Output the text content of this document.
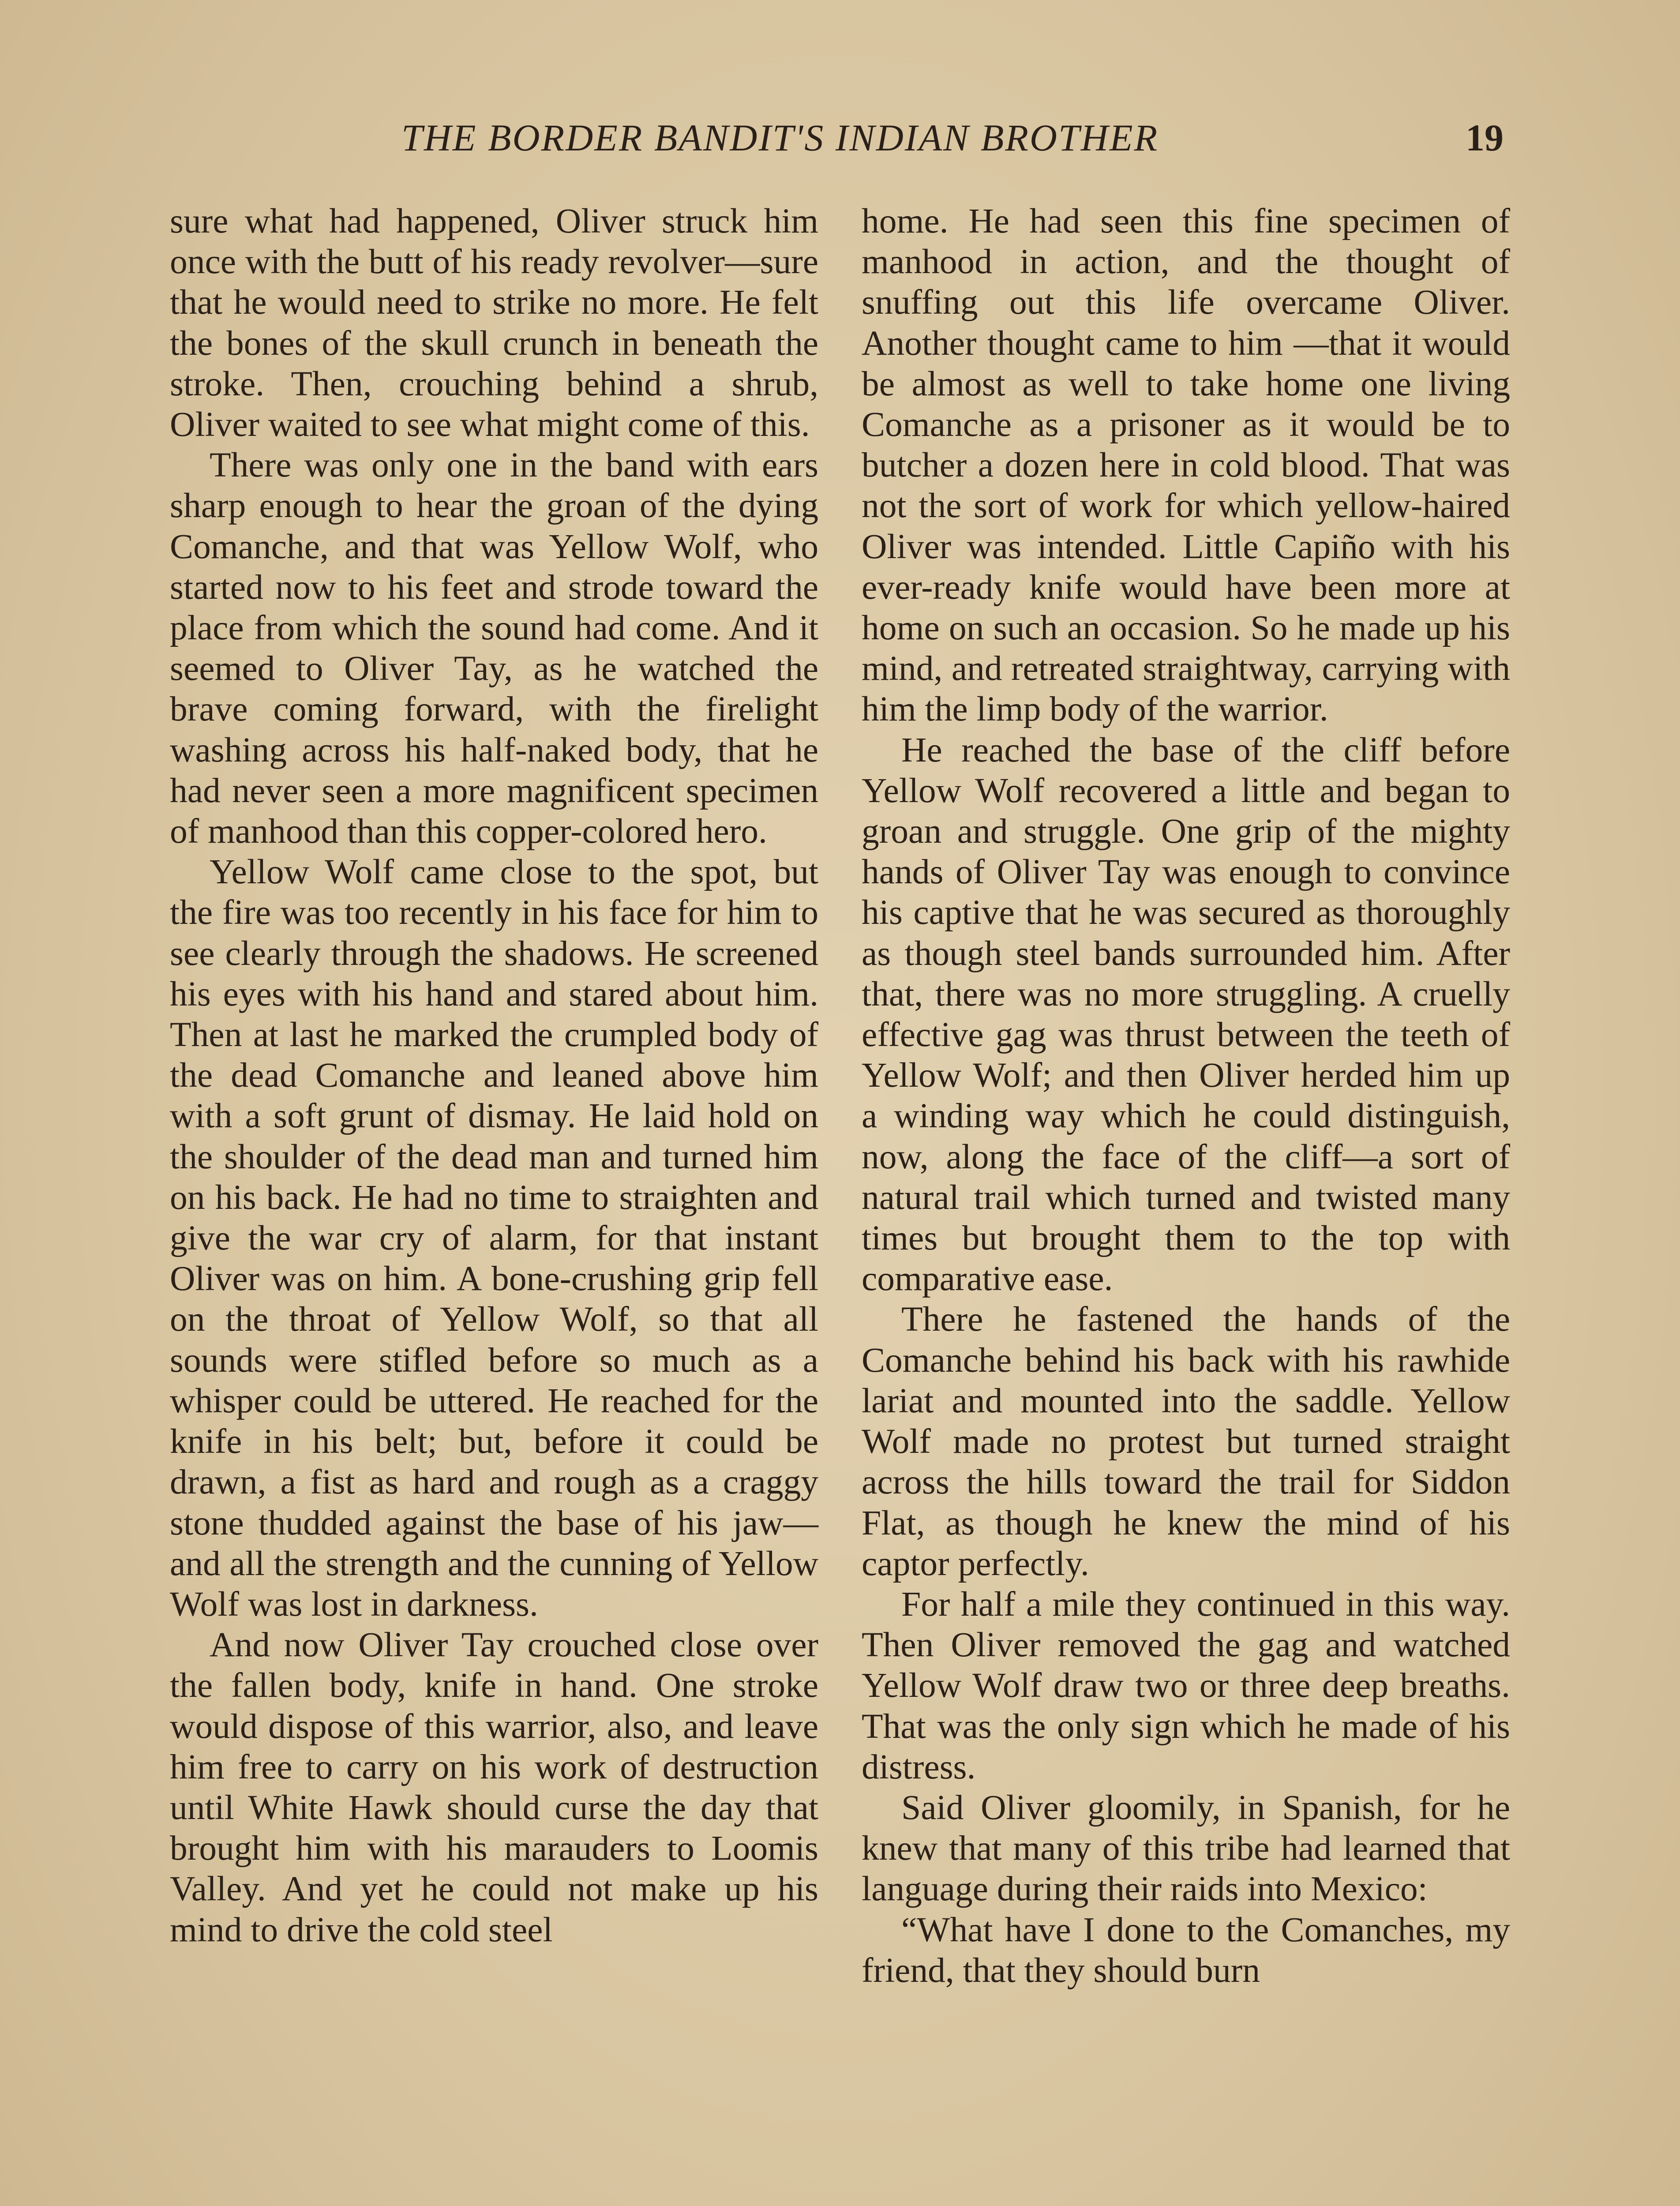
THE BORDER BANDIT'S INDIAN BROTHER	19

sure what had happened, Oliver struck him once with the butt of his ready revolver—sure that he would need to strike no more. He felt the bones of the skull crunch in beneath the stroke. Then, crouching behind a shrub, Oliver waited to see what might come of this.

There was only one in the band with ears sharp enough to hear the groan of the dying Comanche, and that was Yellow Wolf, who started now to his feet and strode toward the place from which the sound had come. And it seemed to Oliver Tay, as he watched the brave coming forward, with the firelight washing across his half-naked body, that he had never seen a more magnificent specimen of manhood than this copper-colored hero.

Yellow Wolf came close to the spot, but the fire was too recently in his face for him to see clearly through the shadows. He screened his eyes with his hand and stared about him. Then at last he marked the crumpled body of the dead Comanche and leaned above him with a soft grunt of dismay. He laid hold on the shoulder of the dead man and turned him on his back. He had no time to straighten and give the war cry of alarm, for that instant Oliver was on him. A bone-crushing grip fell on the throat of Yellow Wolf, so that all sounds were stifled before so much as a whisper could be uttered. He reached for the knife in his belt; but, before it could be drawn, a fist as hard and rough as a craggy stone thudded against the base of his jaw—and all the strength and the cunning of Yellow Wolf was lost in darkness.

And now Oliver Tay crouched close over the fallen body, knife in hand. One stroke would dispose of this warrior, also, and leave him free to carry on his work of destruction until White Hawk should curse the day that brought him with his marauders to Loomis Valley. And yet he could not make up his mind to drive the cold steel

home. He had seen this fine specimen of manhood in action, and the thought of snuffing out this life overcame Oliver. Another thought came to him —that it would be almost as well to take home one living Comanche as a prisoner as it would be to butcher a dozen here in cold blood. That was not the sort of work for which yellow-haired Oliver was intended. Little Capiño with his ever-ready knife would have been more at home on such an occasion. So he made up his mind, and retreated straightway, carrying with him the limp body of the warrior.

He reached the base of the cliff before Yellow Wolf recovered a little and began to groan and struggle. One grip of the mighty hands of Oliver Tay was enough to convince his captive that he was secured as thoroughly as though steel bands surrounded him. After that, there was no more struggling. A cruelly effective gag was thrust between the teeth of Yellow Wolf; and then Oliver herded him up a winding way which he could distinguish, now, along the face of the cliff—a sort of natural trail which turned and twisted many times but brought them to the top with comparative ease.

There he fastened the hands of the Comanche behind his back with his rawhide lariat and mounted into the saddle. Yellow Wolf made no protest but turned straight across the hills toward the trail for Siddon Flat, as though he knew the mind of his captor perfectly.

For half a mile they continued in this way. Then Oliver removed the gag and watched Yellow Wolf draw two or three deep breaths. That was the only sign which he made of his distress.

Said Oliver gloomily, in Spanish, for he knew that many of this tribe had learned that language during their raids into Mexico:

“What have I done to the Comanches, my friend, that they should burn
